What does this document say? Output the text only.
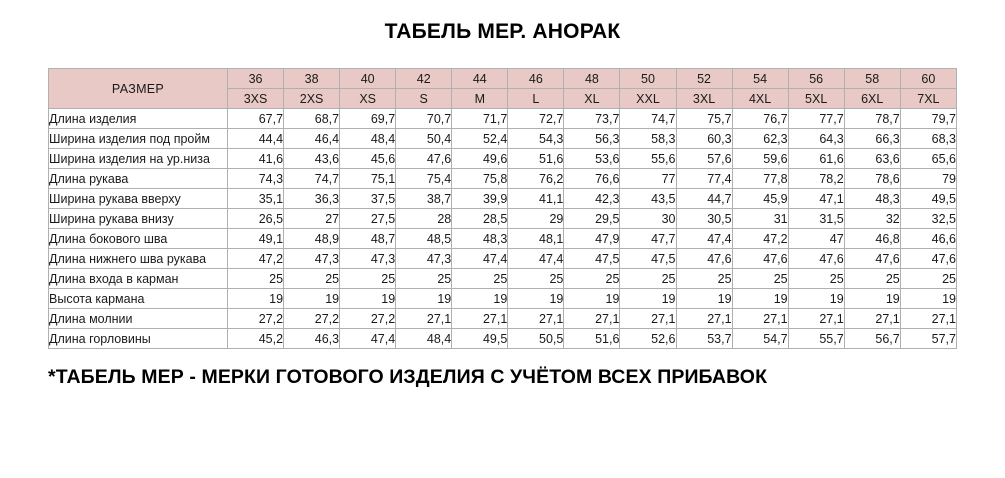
ТАБЕЛЬ МЕР. АНОРАК
РАЗМЕР	36	38	40	42	44	46	48	50	52	54	56	58	60
	3XS	2XS	XS	S	M	L	XL	XXL	3XL	4XL	5XL	6XL	7XL
Длина изделия	67,7	68,7	69,7	70,7	71,7	72,7	73,7	74,7	75,7	76,7	77,7	78,7	79,7
Ширина изделия под пройм	44,4	46,4	48,4	50,4	52,4	54,3	56,3	58,3	60,3	62,3	64,3	66,3	68,3
Ширина изделия на ур.низа	41,6	43,6	45,6	47,6	49,6	51,6	53,6	55,6	57,6	59,6	61,6	63,6	65,6
Длина рукава	74,3	74,7	75,1	75,4	75,8	76,2	76,6	77	77,4	77,8	78,2	78,6	79
Ширина рукава вверху	35,1	36,3	37,5	38,7	39,9	41,1	42,3	43,5	44,7	45,9	47,1	48,3	49,5
Ширина рукава внизу	26,5	27	27,5	28	28,5	29	29,5	30	30,5	31	31,5	32	32,5
Длина бокового шва	49,1	48,9	48,7	48,5	48,3	48,1	47,9	47,7	47,4	47,2	47	46,8	46,6
Длина нижнего шва рукава	47,2	47,3	47,3	47,3	47,4	47,4	47,5	47,5	47,6	47,6	47,6	47,6	47,6
Длина входа в карман	25	25	25	25	25	25	25	25	25	25	25	25	25
Высота кармана	19	19	19	19	19	19	19	19	19	19	19	19	19
Длина молнии	27,2	27,2	27,2	27,1	27,1	27,1	27,1	27,1	27,1	27,1	27,1	27,1	27,1
Длина горловины	45,2	46,3	47,4	48,4	49,5	50,5	51,6	52,6	53,7	54,7	55,7	56,7	57,7
*ТАБЕЛЬ МЕР - МЕРКИ ГОТОВОГО ИЗДЕЛИЯ С УЧЁТОМ ВСЕХ ПРИБАВОК
